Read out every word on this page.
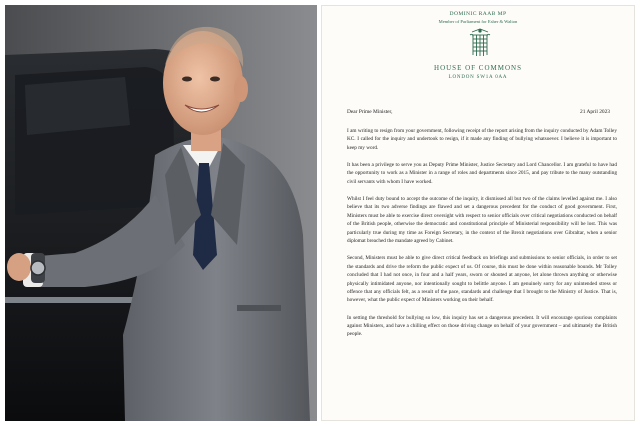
DOMINIC RAAB MP
Member of Parliament for Esher & Walton
HOUSE OF COMMONS
LONDON SW1A 0AA
Dear Prime Minister,	21 April 2023

I am writing to resign from your government, following receipt of the report arising from the inquiry conducted by Adam Tolley KC. I called for the inquiry and undertook to resign, if it made any finding of bullying whatsoever. I believe it is important to keep my word.

It has been a privilege to serve you as Deputy Prime Minister, Justice Secretary and Lord Chancellor. I am grateful to have had the opportunity to work as a Minister in a range of roles and departments since 2015, and pay tribute to the many outstanding civil servants with whom I have worked.

Whilst I feel duty bound to accept the outcome of the inquiry, it dismissed all but two of the claims levelled against me. I also believe that its two adverse findings are flawed and set a dangerous precedent for the conduct of good government. First, Ministers must be able to exercise direct oversight with respect to senior officials over critical negotiations conducted on behalf of the British people, otherwise the democratic and constitutional principle of Ministerial responsibility will be lost. This was particularly true during my time as Foreign Secretary, in the context of the Brexit negotiations over Gibraltar, when a senior diplomat breached the mandate agreed by Cabinet.

Second, Ministers must be able to give direct critical feedback on briefings and submissions to senior officials, in order to set the standards and drive the reform the public expect of us. Of course, this must be done within reasonable bounds. Mr Tolley concluded that I had not once, in four and a half years, sworn or shouted at anyone, let alone thrown anything or otherwise physically intimidated anyone, nor intentionally sought to belittle anyone. I am genuinely sorry for any unintended stress or offence that any officials felt, as a result of the pace, standards and challenge that I brought to the Ministry of Justice. That is, however, what the public expect of Ministers working on their behalf.

In setting the threshold for bullying so low, this inquiry has set a dangerous precedent. It will encourage spurious complaints against Ministers, and have a chilling effect on those driving change on behalf of your government – and ultimately the British people.
